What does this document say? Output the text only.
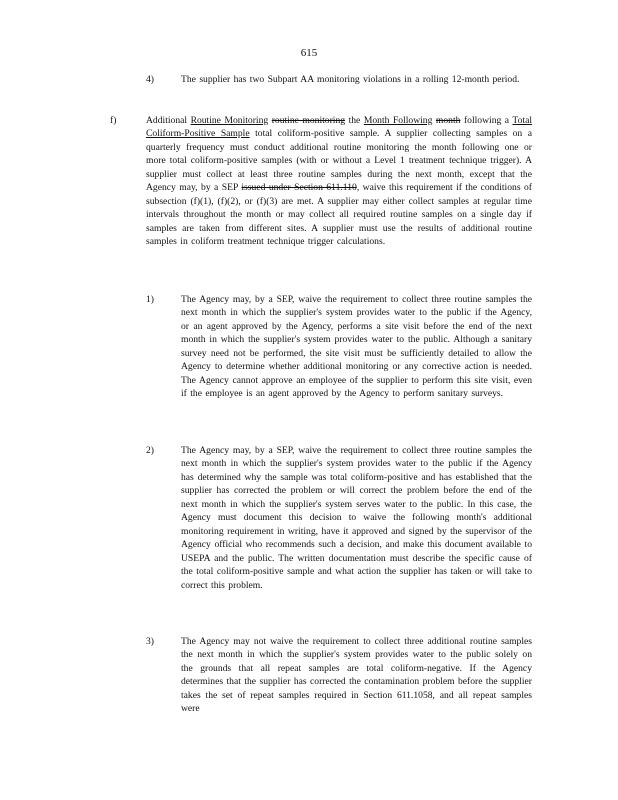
615
4)	The supplier has two Subpart AA monitoring violations in a rolling 12-month period.
f)	Additional Routine Monitoring routine monitoring the Month Following month following a Total Coliform-Positive Sample total coliform-positive sample. A supplier collecting samples on a quarterly frequency must conduct additional routine monitoring the month following one or more total coliform-positive samples (with or without a Level 1 treatment technique trigger). A supplier must collect at least three routine samples during the next month, except that the Agency may, by a SEP issued under Section 611.110, waive this requirement if the conditions of subsection (f)(1), (f)(2), or (f)(3) are met. A supplier may either collect samples at regular time intervals throughout the month or may collect all required routine samples on a single day if samples are taken from different sites. A supplier must use the results of additional routine samples in coliform treatment technique trigger calculations.
1)	The Agency may, by a SEP, waive the requirement to collect three routine samples the next month in which the supplier's system provides water to the public if the Agency, or an agent approved by the Agency, performs a site visit before the end of the next month in which the supplier's system provides water to the public. Although a sanitary survey need not be performed, the site visit must be sufficiently detailed to allow the Agency to determine whether additional monitoring or any corrective action is needed. The Agency cannot approve an employee of the supplier to perform this site visit, even if the employee is an agent approved by the Agency to perform sanitary surveys.
2)	The Agency may, by a SEP, waive the requirement to collect three routine samples the next month in which the supplier's system provides water to the public if the Agency has determined why the sample was total coliform-positive and has established that the supplier has corrected the problem or will correct the problem before the end of the next month in which the supplier's system serves water to the public. In this case, the Agency must document this decision to waive the following month's additional monitoring requirement in writing, have it approved and signed by the supervisor of the Agency official who recommends such a decision, and make this document available to USEPA and the public. The written documentation must describe the specific cause of the total coliform-positive sample and what action the supplier has taken or will take to correct this problem.
3)	The Agency may not waive the requirement to collect three additional routine samples the next month in which the supplier's system provides water to the public solely on the grounds that all repeat samples are total coliform-negative. If the Agency determines that the supplier has corrected the contamination problem before the supplier takes the set of repeat samples required in Section 611.1058, and all repeat samples were
